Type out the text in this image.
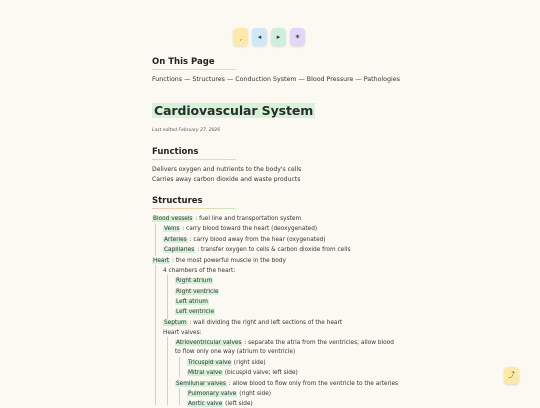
ˏ	◂	▸	✶
On This Page
Functions — Structures — Conduction System — Blood Pressure — Pathologies
Cardiovascular System
Last edited February 27, 2026
Functions
Delivers oxygen and nutrients to the body's cells
Carries away carbon dioxide and waste products
Structures
Blood vessels : fuel line and transportation system
Veins : carry blood toward the heart (deoxygenated)
Arteries : carry blood away from the hear (oxygenated)
Capillaries : transfer oxygen to cells & carbon dioxide from cells
Heart : the most powerful muscle in the body
4 chambers of the heart:
Right atrium
Right ventricle
Left atrium
Left ventricle
Septum : wall dividing the right and left sections of the heart
Heart valves:
Atrioventricular valves : separate the atria from the ventricles; allow blood
to flow only one way (atrium to ventricle)
Tricuspid valve (right side)
Mitral valve (bicuspid valve; left side)
Semilunar valves : allow blood to flow only from the ventricle to the arteries
Pulmonary valve (right side)
Aortic valve (left side)
⤴
